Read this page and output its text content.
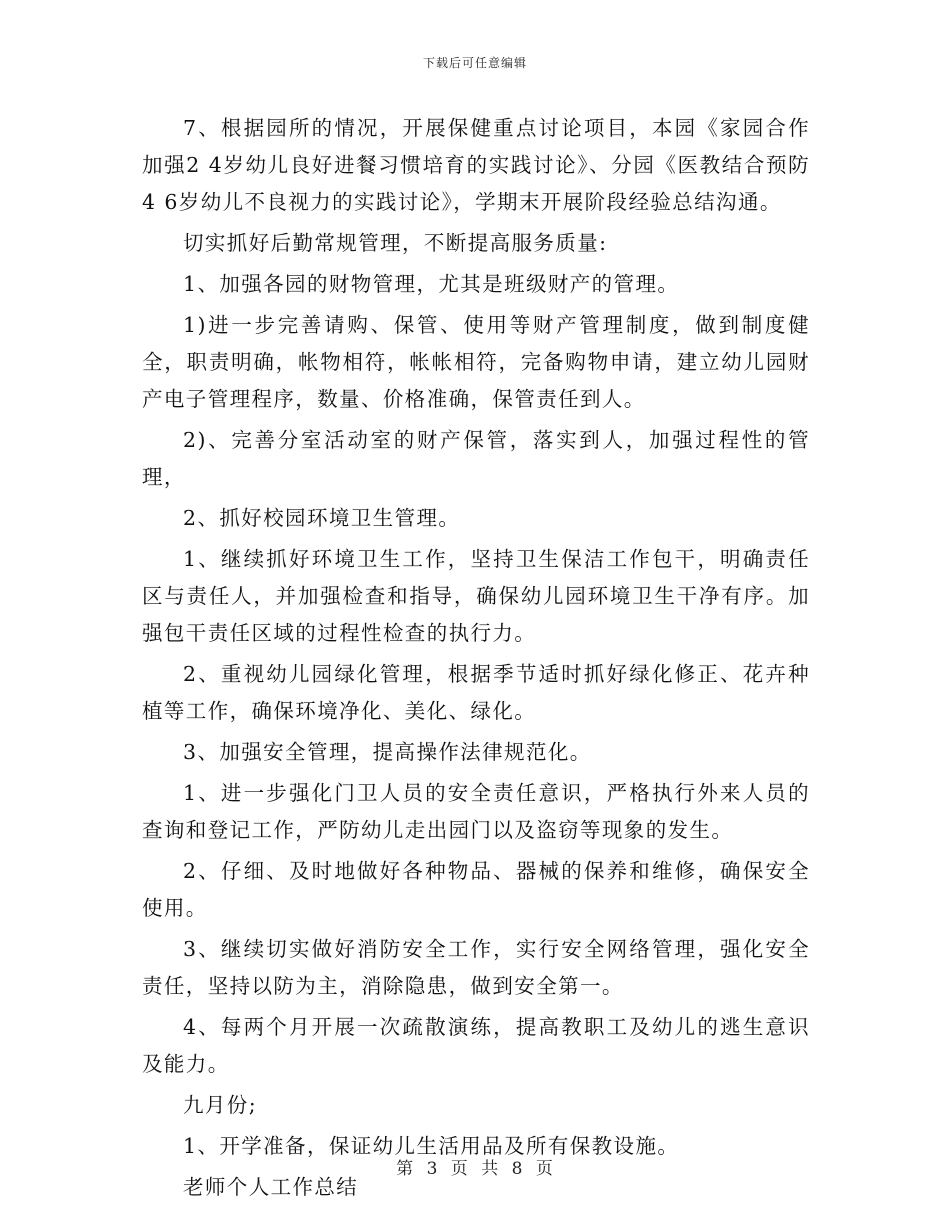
下载后可任意编辑

7、根据园所的情况，开展保健重点讨论项目，本园《家园合作加强2 4岁幼儿良好进餐习惯培育的实践讨论》、分园《医教结合预防4 6岁幼儿不良视力的实践讨论》，学期末开展阶段经验总结沟通。

切实抓好后勤常规管理，不断提高服务质量:

1、加强各园的财物管理，尤其是班级财产的管理。

1)进一步完善请购、保管、使用等财产管理制度，做到制度健全，职责明确，帐物相符，帐帐相符，完备购物申请，建立幼儿园财产电子管理程序，数量、价格准确，保管责任到人。

2)、完善分室活动室的财产保管，落实到人，加强过程性的管理，

2、抓好校园环境卫生管理。

1、继续抓好环境卫生工作，坚持卫生保洁工作包干，明确责任区与责任人，并加强检查和指导，确保幼儿园环境卫生干净有序。加强包干责任区域的过程性检查的执行力。

2、重视幼儿园绿化管理，根据季节适时抓好绿化修正、花卉种植等工作，确保环境净化、美化、绿化。

3、加强安全管理，提高操作法律规范化。

1、进一步强化门卫人员的安全责任意识，严格执行外来人员的查询和登记工作，严防幼儿走出园门以及盗窃等现象的发生。

2、仔细、及时地做好各种物品、器械的保养和维修，确保安全使用。

3、继续切实做好消防安全工作，实行安全网络管理，强化安全责任，坚持以防为主，消除隐患，做到安全第一。

4、每两个月开展一次疏散演练，提高教职工及幼儿的逃生意识及能力。

九月份;

1、开学准备，保证幼儿生活用品及所有保教设施。

老师个人工作总结

第 3 页 共 8 页
